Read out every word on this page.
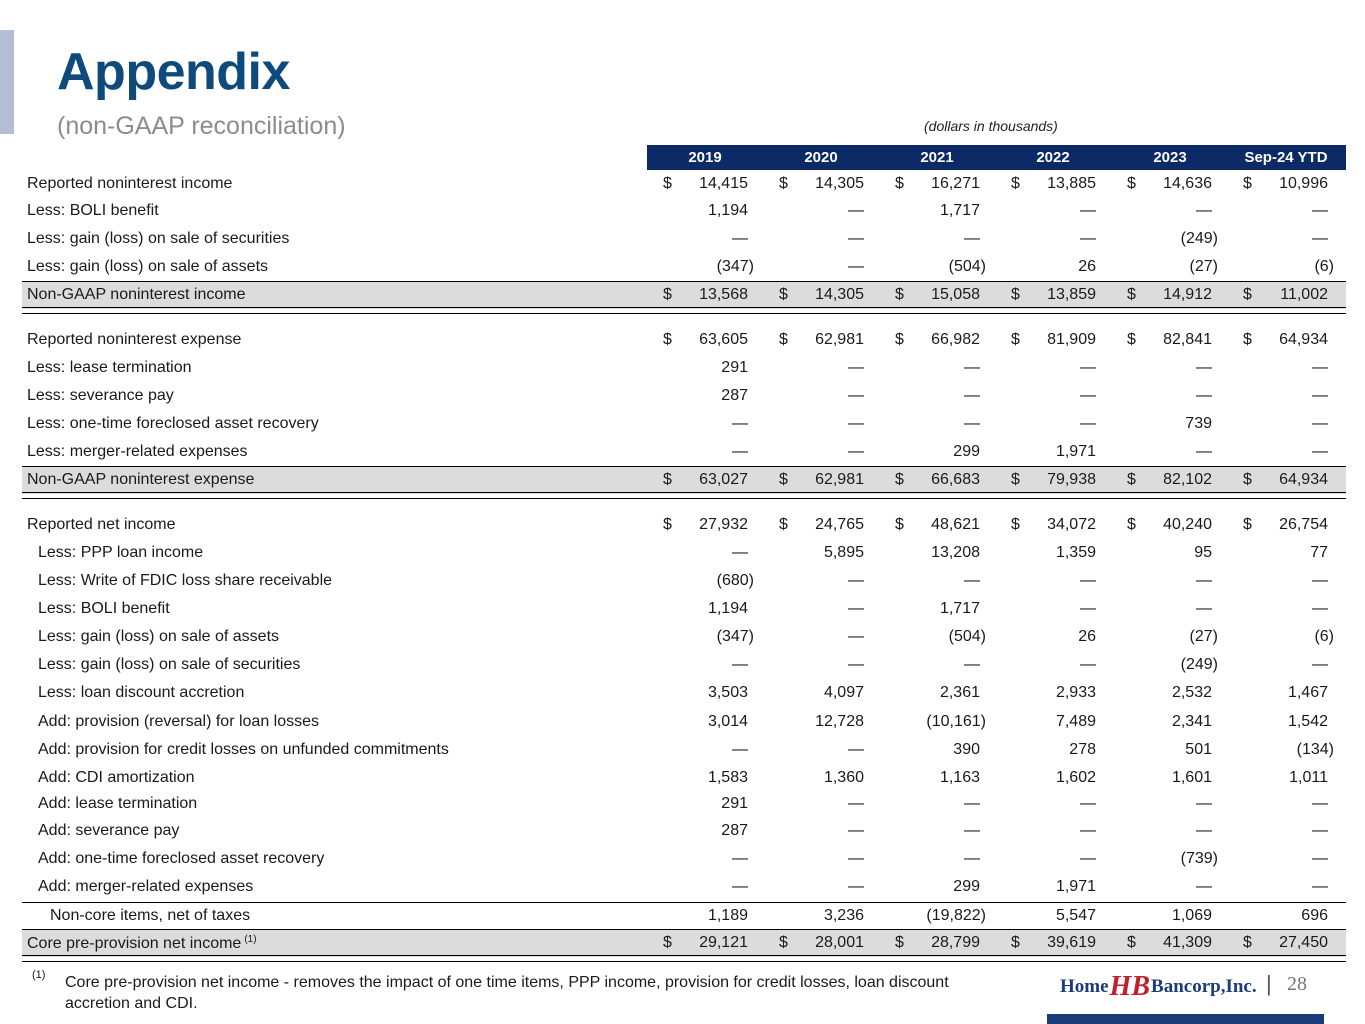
Appendix
(non-GAAP reconciliation)	(dollars in thousands)
2019	2020	2021	2022	2023	Sep-24 YTD
Reported noninterest income	$ 14,415 $ 14,305 $ 16,271 $ 13,885 $ 14,636 $ 10,996
Less: BOLI benefit	1,194	—	1,717	—	—	—
Less: gain (loss) on sale of securities	—	—	—	—	(249)	—
Less: gain (loss) on sale of assets	(347)	—	(504)	26	(27)	(6)
Non-GAAP noninterest income	$ 13,568 $ 14,305 $ 15,058 $ 13,859 $ 14,912 $ 11,002
Reported noninterest expense	$ 63,605 $ 62,981 $ 66,982 $ 81,909 $ 82,841 $ 64,934
Less: lease termination	291	—	—	—	—	—
Less: severance pay	287	—	—	—	—	—
Less: one-time foreclosed asset recovery	—	—	—	—	739	—
Less: merger-related expenses	—	—	299	1,971	—	—
Non-GAAP noninterest expense	$ 63,027 $ 62,981 $ 66,683 $ 79,938 $ 82,102 $ 64,934
Reported net income	$ 27,932 $ 24,765 $ 48,621 $ 34,072 $ 40,240 $ 26,754
Less: PPP loan income	—	5,895	13,208	1,359	95	77
Less: Write of FDIC loss share receivable	(680)	—	—	—	—	—
Less: BOLI benefit	1,194	—	1,717	—	—	—
Less: gain (loss) on sale of assets	(347)	—	(504)	26	(27)	(6)
Less: gain (loss) on sale of securities	—	—	—	—	(249)	—
Less: loan discount accretion	3,503	4,097	2,361	2,933	2,532	1,467
Add: provision (reversal) for loan losses	3,014	12,728	(10,161)	7,489	2,341	1,542
Add: provision for credit losses on unfunded commitments	—	—	390	278	501	(134)
Add: CDI amortization	1,583	1,360	1,163	1,602	1,601	1,011
Add: lease termination	291	—	—	—	—	—
Add: severance pay	287	—	—	—	—	—
Add: one-time foreclosed asset recovery	—	—	—	—	(739)	—
Add: merger-related expenses	—	—	299	1,971	—	—
Non-core items, net of taxes	1,189	3,236	(19,822)	5,547	1,069	696
Core pre-provision net income $^{(1)}$	$ 29,121 $ 28,001 $ 28,799 $ 39,619 $ 41,309 $ 27,450
(1) Core pre-provision net income - removes the impact of one time items, PPP income, provision for credit losses, loan discount accretion and CDI.
Home HB Bancorp,Inc. | 28
